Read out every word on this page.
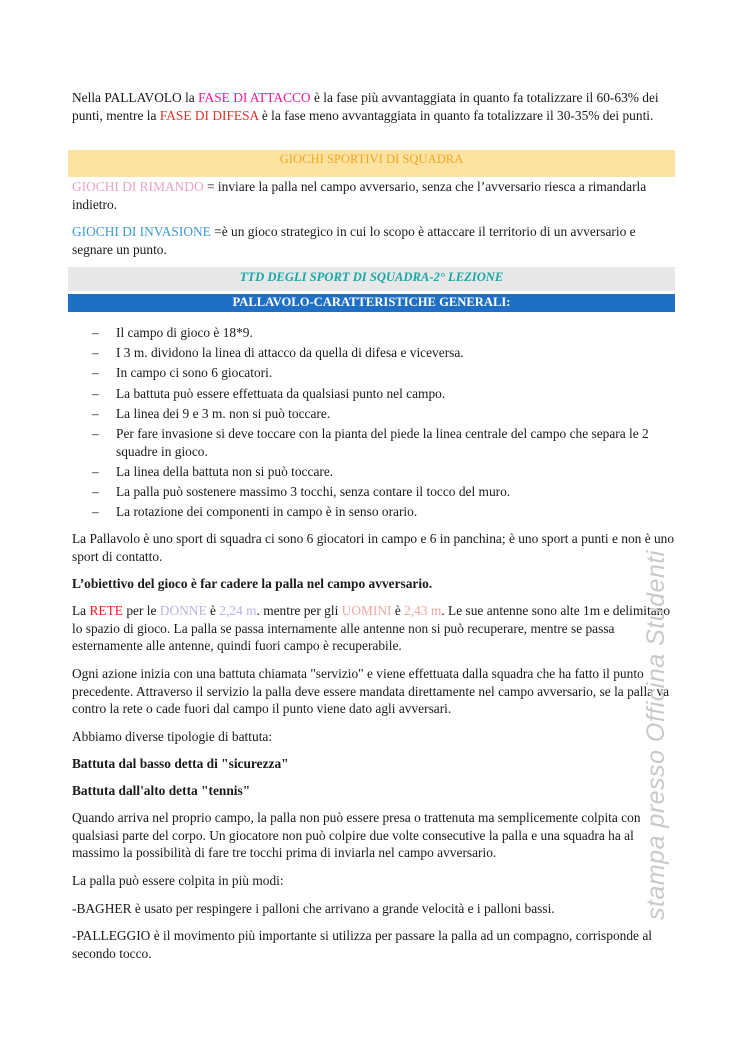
Nella PALLAVOLO la FASE DI ATTACCO è la fase più avvantaggiata in quanto fa totalizzare il 60-63% dei punti, mentre la FASE DI DIFESA è la fase meno avvantaggiata in quanto fa totalizzare il 30-35% dei punti.

GIOCHI SPORTIVI DI SQUADRA

GIOCHI DI RIMANDO = inviare la palla nel campo avversario, senza che l’avversario riesca a rimandarla indietro.

GIOCHI DI INVASIONE =è un gioco strategico in cui lo scopo è attaccare il territorio di un avversario e segnare un punto.

TTD DEGLI SPORT DI SQUADRA-2° LEZIONE
PALLAVOLO-CARATTERISTICHE GENERALI:
– Il campo di gioco è 18*9.
– I 3 m. dividono la linea di attacco da quella di difesa e viceversa.
– In campo ci sono 6 giocatori.
– La battuta può essere effettuata da qualsiasi punto nel campo.
– La linea dei 9 e 3 m. non si può toccare.
– Per fare invasione si deve toccare con la pianta del piede la linea centrale del campo che separa le 2 squadre in gioco.
– La linea della battuta non si può toccare.
– La palla può sostenere massimo 3 tocchi, senza contare il tocco del muro.
– La rotazione dei componenti in campo è in senso orario.

La Pallavolo è uno sport di squadra ci sono 6 giocatori in campo e 6 in panchina; è uno sport a punti e non è uno sport di contatto.

L’obiettivo del gioco è far cadere la palla nel campo avversario.

La RETE per le DONNE è 2,24 m. mentre per gli UOMINI è 2,43 m. Le sue antenne sono alte 1m e delimitano lo spazio di gioco. La palla se passa internamente alle antenne non si può recuperare, mentre se passa esternamente alle antenne, quindi fuori campo è recuperabile.

Ogni azione inizia con una battuta chiamata "servizio" e viene effettuata dalla squadra che ha fatto il punto precedente. Attraverso il servizio la palla deve essere mandata direttamente nel campo avversario, se la palla va contro la rete o cade fuori dal campo il punto viene dato agli avversari.

Abbiamo diverse tipologie di battuta:

Battuta dal basso detta di "sicurezza"

Battuta dall'alto detta "tennis"

Quando arriva nel proprio campo, la palla non può essere presa o trattenuta ma semplicemente colpita con qualsiasi parte del corpo. Un giocatore non può colpire due volte consecutive la palla e una squadra ha al massimo la possibilità di fare tre tocchi prima di inviarla nel campo avversario.

La palla può essere colpita in più modi:

-BAGHER è usato per respingere i palloni che arrivano a grande velocità e i palloni bassi.

-PALLEGGIO è il movimento più importante si utilizza per passare la palla ad un compagno, corrisponde al secondo tocco.

stampa presso Officina Studenti
